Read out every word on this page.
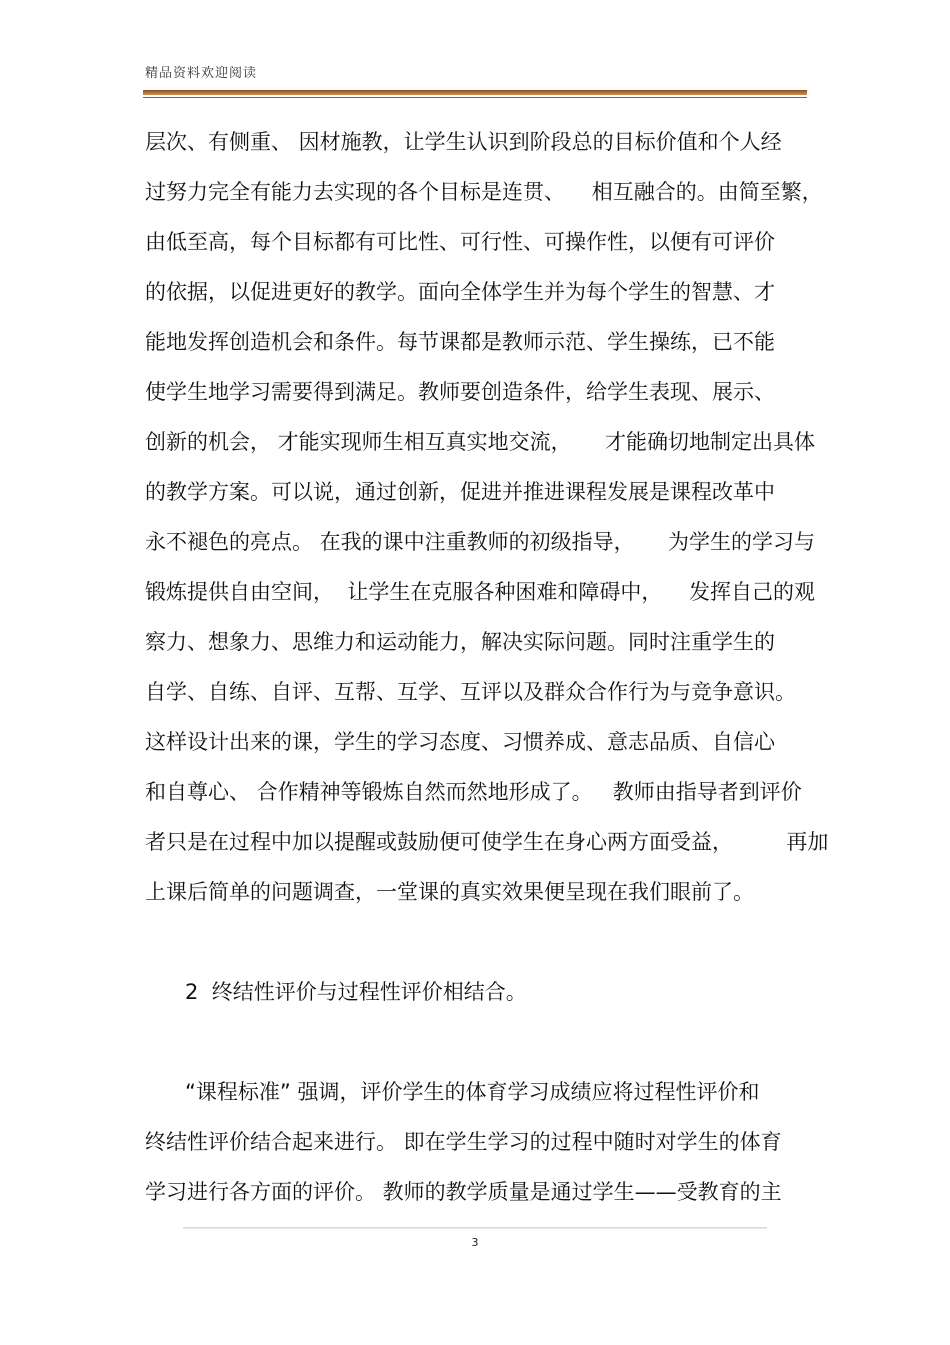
精品资料欢迎阅读
层次、有侧重、 因材施教，让学生认识到阶段总的目标价值和个人经
过努力完全有能力去实现的各个目标是连贯、    相互融合的。由简至繁，
由低至高，每个目标都有可比性、可行性、可操作性，以便有可评价
的依据，以促进更好的教学。面向全体学生并为每个学生的智慧、才
能地发挥创造机会和条件。每节课都是教师示范、学生操练，已不能
使学生地学习需要得到满足。教师要创造条件，给学生表现、展示、
创新的机会， 才能实现师生相互真实地交流，     才能确切地制定出具体
的教学方案。可以说，通过创新，促进并推进课程发展是课程改革中
永不褪色的亮点。 在我的课中注重教师的初级指导，     为学生的学习与
锻炼提供自由空间，  让学生在克服各种困难和障碍中，    发挥自己的观
察力、想象力、思维力和运动能力，解决实际问题。同时注重学生的
自学、自练、自评、互帮、互学、互评以及群众合作行为与竞争意识。
这样设计出来的课，学生的学习态度、习惯养成、意志品质、自信心
和自尊心、 合作精神等锻炼自然而然地形成了。   教师由指导者到评价
者只是在过程中加以提醒或鼓励便可使学生在身心两方面受益，        再加
上课后简单的问题调查，一堂课的真实效果便呈现在我们眼前了。
2  终结性评价与过程性评价相结合。
“课程标准” 强调，评价学生的体育学习成绩应将过程性评价和
终结性评价结合起来进行。 即在学生学习的过程中随时对学生的体育
学习进行各方面的评价。 教师的教学质量是通过学生——受教育的主
3
